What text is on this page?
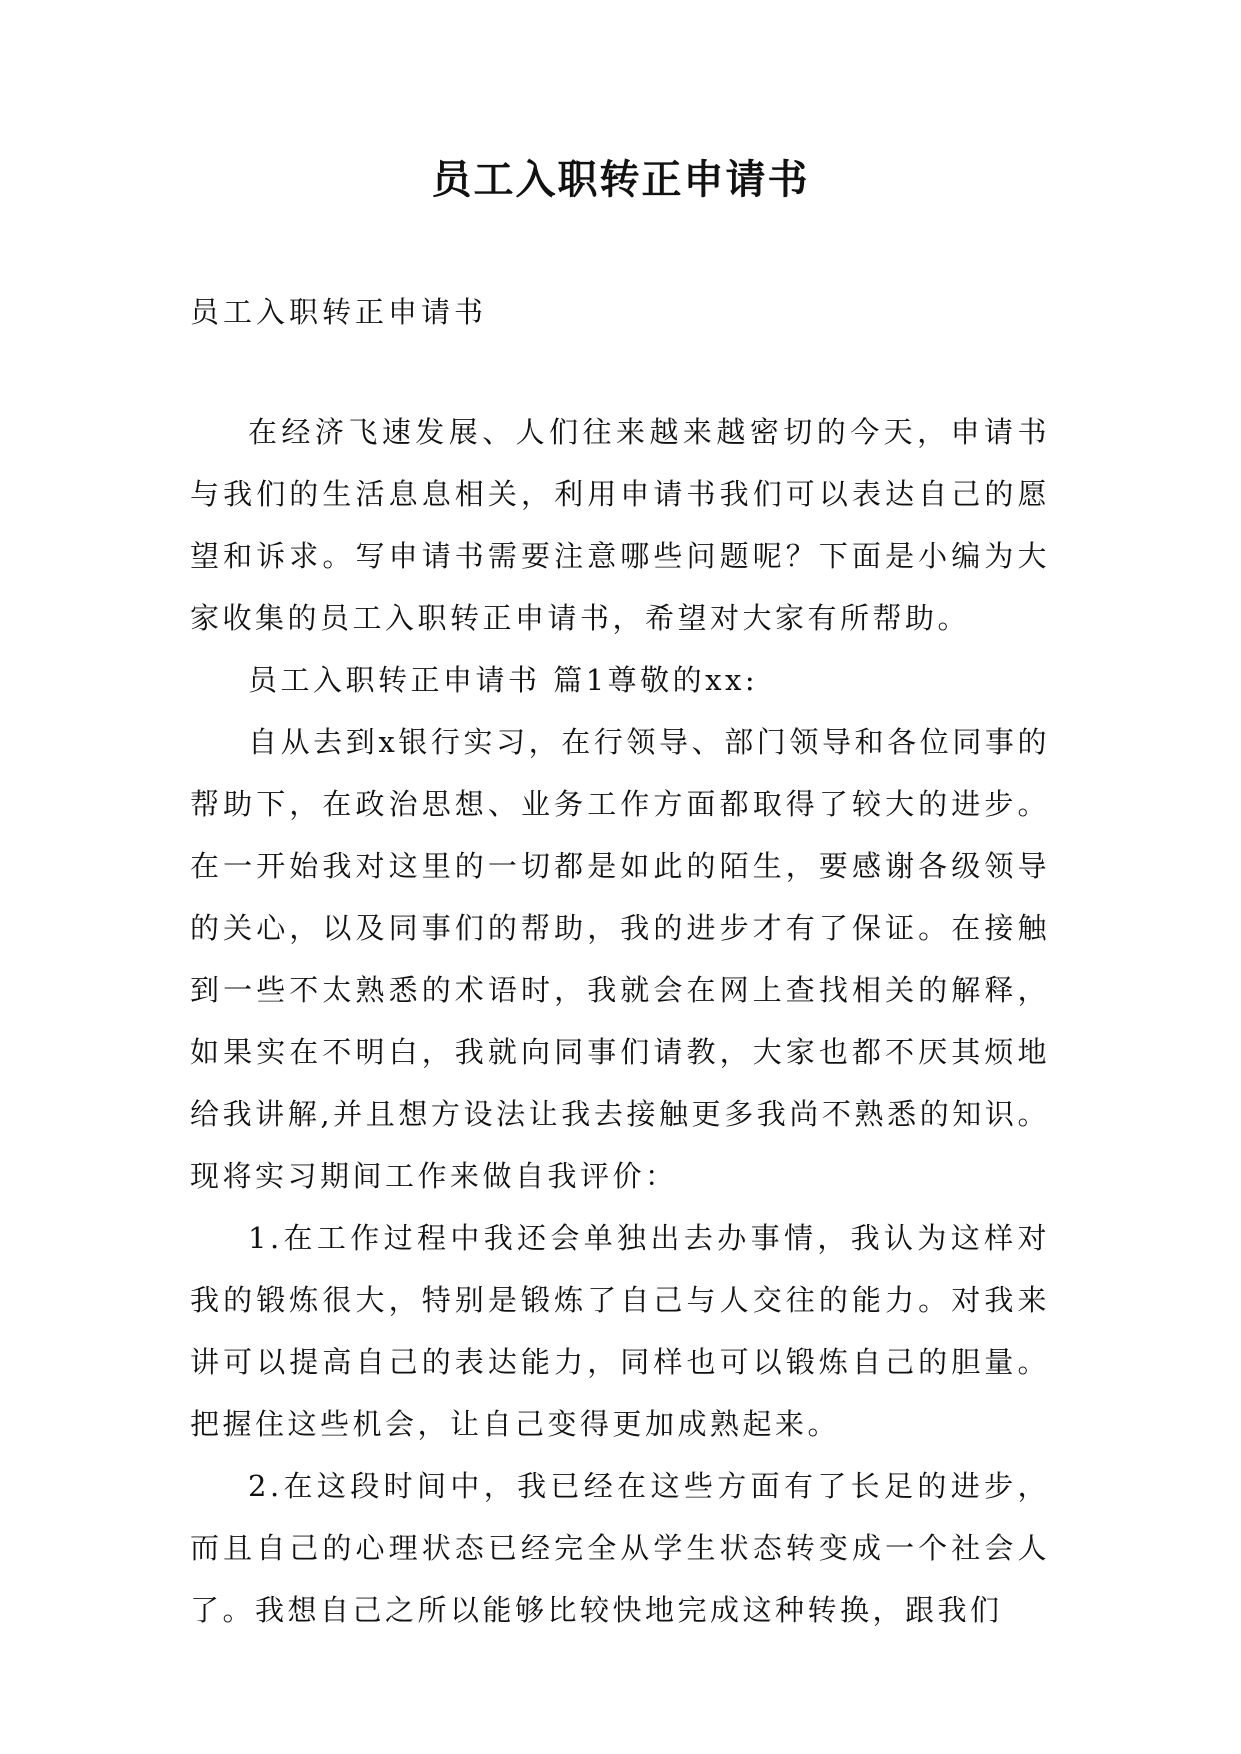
员工入职转正申请书
员工入职转正申请书

在经济飞速发展、人们往来越来越密切的今天，申请书与我们的生活息息相关，利用申请书我们可以表达自己的愿望和诉求。写申请书需要注意哪些问题呢？下面是小编为大家收集的员工入职转正申请书，希望对大家有所帮助。

员工入职转正申请书 篇1尊敬的xx:

自从去到x银行实习，在行领导、部门领导和各位同事的帮助下，在政治思想、业务工作方面都取得了较大的进步。在一开始我对这里的一切都是如此的陌生，要感谢各级领导的关心，以及同事们的帮助，我的进步才有了保证。在接触到一些不太熟悉的术语时，我就会在网上查找相关的解释，如果实在不明白，我就向同事们请教，大家也都不厌其烦地给我讲解,并且想方设法让我去接触更多我尚不熟悉的知识。现将实习期间工作来做自我评价：

1.在工作过程中我还会单独出去办事情，我认为这样对我的锻炼很大，特别是锻炼了自己与人交往的能力。对我来讲可以提高自己的表达能力，同样也可以锻炼自己的胆量。把握住这些机会，让自己变得更加成熟起来。

2.在这段时间中，我已经在这些方面有了长足的进步，而且自己的心理状态已经完全从学生状态转变成一个社会人了。我想自己之所以能够比较快地完成这种转换，跟我们
